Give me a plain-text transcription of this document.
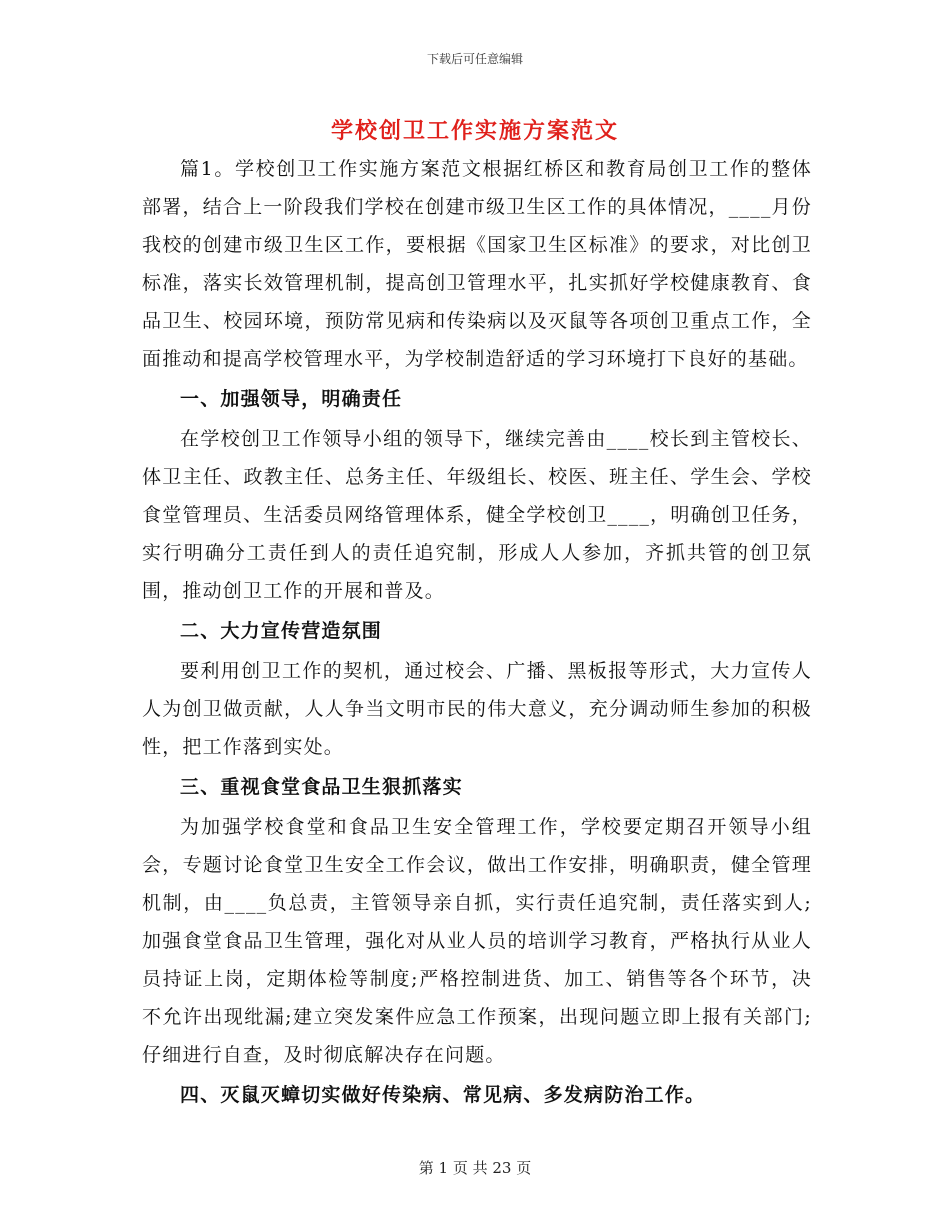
下载后可任意编辑
学校创卫工作实施方案范文

篇1。学校创卫工作实施方案范文根据红桥区和教育局创卫工作的整体部署，结合上一阶段我们学校在创建市级卫生区工作的具体情况，____月份我校的创建市级卫生区工作，要根据《国家卫生区标准》的要求，对比创卫标准，落实长效管理机制，提高创卫管理水平，扎实抓好学校健康教育、食品卫生、校园环境，预防常见病和传染病以及灭鼠等各项创卫重点工作，全面推动和提高学校管理水平，为学校制造舒适的学习环境打下良好的基础。

一、加强领导，明确责任

在学校创卫工作领导小组的领导下，继续完善由____校长到主管校长、体卫主任、政教主任、总务主任、年级组长、校医、班主任、学生会、学校食堂管理员、生活委员网络管理体系，健全学校创卫____，明确创卫任务，实行明确分工责任到人的责任追究制，形成人人参加，齐抓共管的创卫氛围，推动创卫工作的开展和普及。

二、大力宣传营造氛围

要利用创卫工作的契机，通过校会、广播、黑板报等形式，大力宣传人人为创卫做贡献，人人争当文明市民的伟大意义，充分调动师生参加的积极性，把工作落到实处。

三、重视食堂食品卫生狠抓落实

为加强学校食堂和食品卫生安全管理工作，学校要定期召开领导小组会，专题讨论食堂卫生安全工作会议，做出工作安排，明确职责，健全管理机制，由____负总责，主管领导亲自抓，实行责任追究制，责任落实到人;加强食堂食品卫生管理，强化对从业人员的培训学习教育，严格执行从业人员持证上岗，定期体检等制度;严格控制进货、加工、销售等各个环节，决不允许出现纰漏;建立突发案件应急工作预案，出现问题立即上报有关部门;仔细进行自查，及时彻底解决存在问题。

四、灭鼠灭蟑切实做好传染病、常见病、多发病防治工作。

第 1 页 共 23 页
